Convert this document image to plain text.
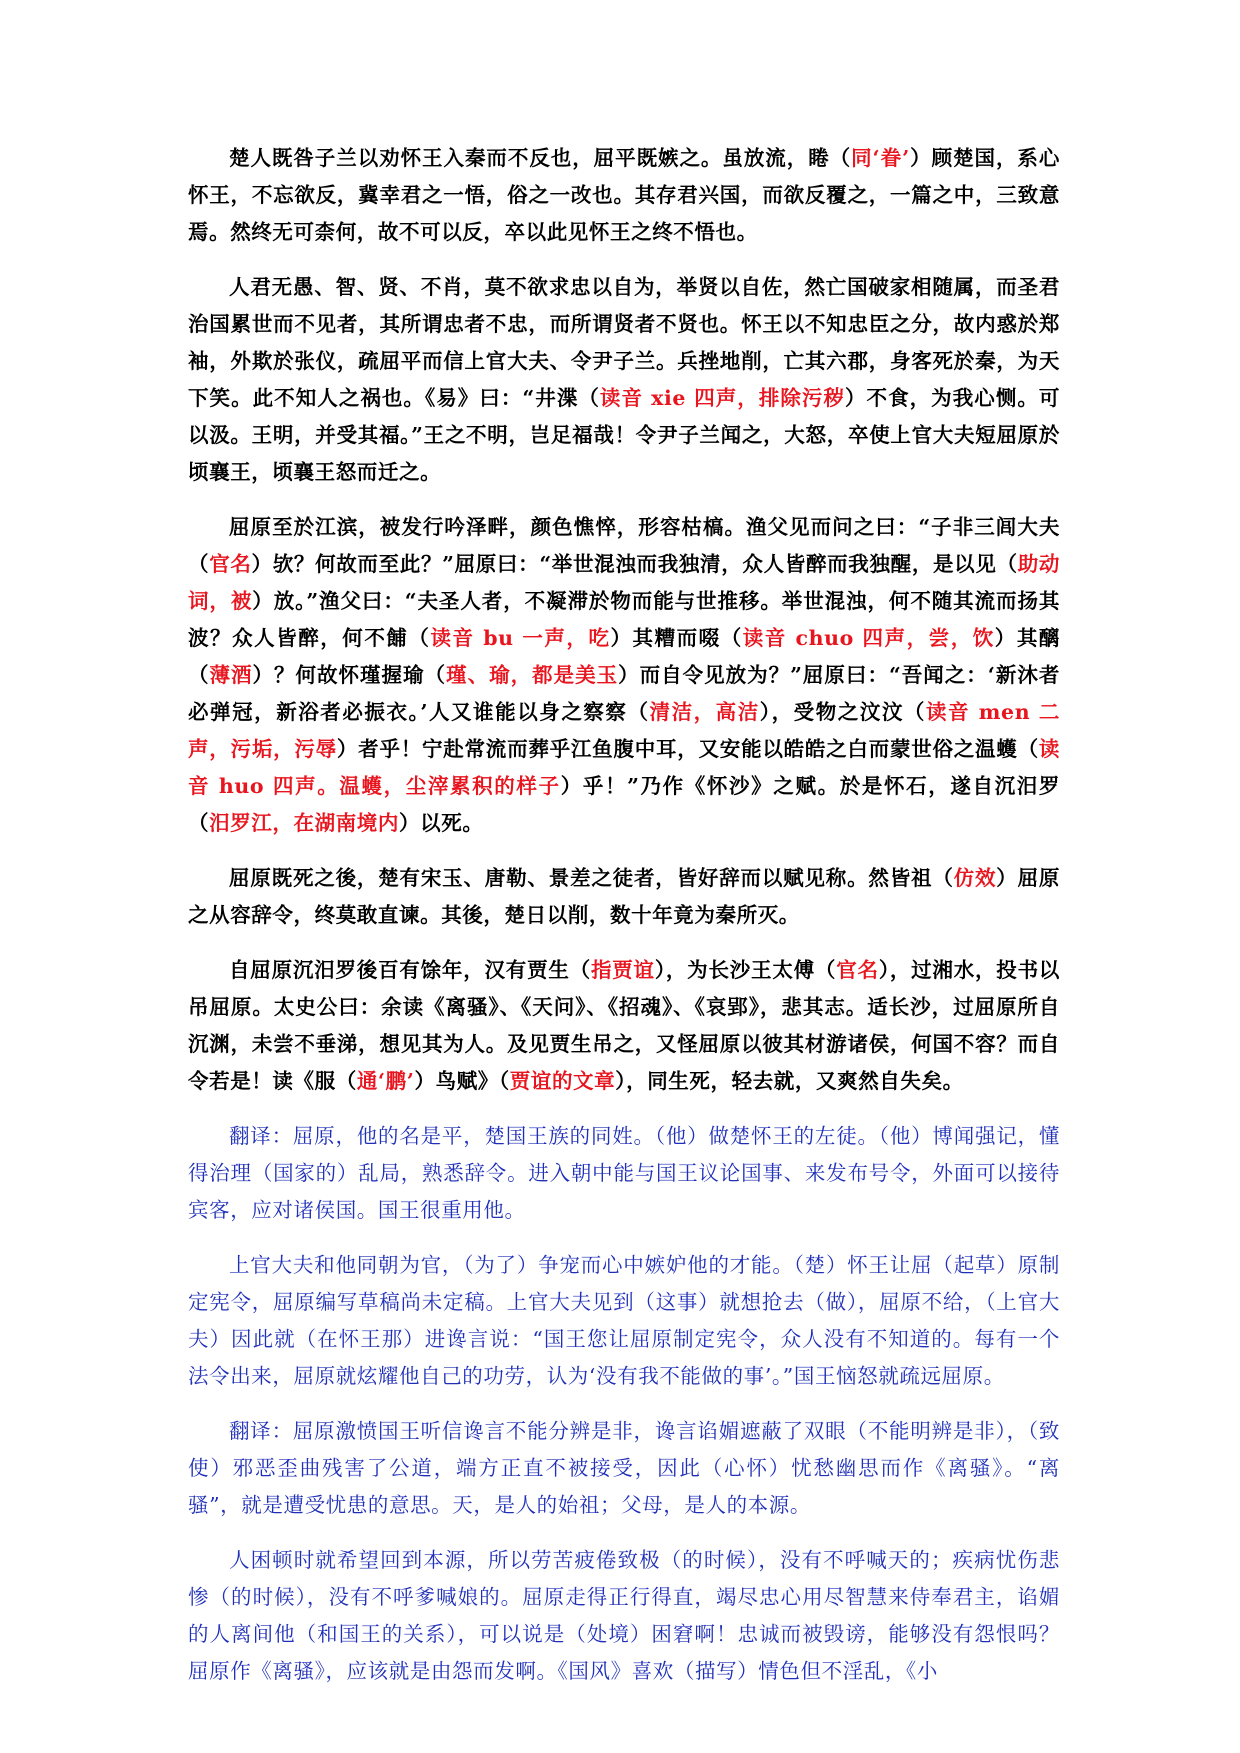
楚人既咎子兰以劝怀王入秦而不反也，屈平既嫉之。虽放流，睠（同‘眷’）顾楚国，系心怀王，不忘欲反，冀幸君之一悟，俗之一改也。其存君兴国，而欲反覆之，一篇之中，三致意焉。然终无可柰何，故不可以反，卒以此见怀王之终不悟也。

人君无愚、智、贤、不肖，莫不欲求忠以自为，举贤以自佐，然亡国破家相随属，而圣君治国累世而不见者，其所谓忠者不忠，而所谓贤者不贤也。怀王以不知忠臣之分，故内惑於郑袖，外欺於张仪，疏屈平而信上官大夫、令尹子兰。兵挫地削，亡其六郡，身客死於秦，为天下笑。此不知人之祸也。《易》曰：“井渫（读音 xie 四声，排除污秽）不食，为我心恻。可以汲。王明，并受其福。”王之不明，岂足福哉！令尹子兰闻之，大怒，卒使上官大夫短屈原於顷襄王，顷襄王怒而迁之。

屈原至於江滨，被发行吟泽畔，颜色憔悴，形容枯槁。渔父见而问之曰：“子非三闾大夫（官名）欤？何故而至此？”屈原曰：“举世混浊而我独清，众人皆醉而我独醒，是以见（助动词，被）放。”渔父曰：“夫圣人者，不凝滞於物而能与世推移。举世混浊，何不随其流而扬其波？众人皆醉，何不餔（读音 bu 一声，吃）其糟而啜（读音 chuo 四声，尝，饮）其醨（薄酒）？何故怀瑾握瑜（瑾、瑜，都是美玉）而自令见放为？”屈原曰：“吾闻之：‘新沐者必弹冠，新浴者必振衣。’人又谁能以身之察察（清洁，高洁），受物之汶汶（读音 men 二声，污垢，污辱）者乎！宁赴常流而葬乎江鱼腹中耳，又安能以皓皓之白而蒙世俗之温蠖（读音 huo 四声。温蠖，尘滓累积的样子）乎！”乃作《怀沙》之赋。於是怀石，遂自沉汨罗（汨罗江，在湖南境内）以死。

屈原既死之後，楚有宋玉、唐勒、景差之徒者，皆好辞而以赋见称。然皆祖（仿效）屈原之从容辞令，终莫敢直谏。其後，楚日以削，数十年竟为秦所灭。

自屈原沉汨罗後百有馀年，汉有贾生（指贾谊），为长沙王太傅（官名），过湘水，投书以吊屈原。太史公曰：余读《离骚》、《天问》、《招魂》、《哀郢》，悲其志。适长沙，过屈原所自沉渊，未尝不垂涕，想见其为人。及见贾生吊之，又怪屈原以彼其材游诸侯，何国不容？而自令若是！读《服（通‘鹏’）鸟赋》（贾谊的文章），同生死，轻去就，又爽然自失矣。

翻译：屈原，他的名是平，楚国王族的同姓。（他）做楚怀王的左徒。（他）博闻强记，懂得治理（国家的）乱局，熟悉辞令。进入朝中能与国王议论国事、来发布号令，外面可以接待宾客，应对诸侯国。国王很重用他。

上官大夫和他同朝为官，（为了）争宠而心中嫉妒他的才能。（楚）怀王让屈（起草）原制定宪令，屈原编写草稿尚未定稿。上官大夫见到（这事）就想抢去（做），屈原不给，（上官大夫）因此就（在怀王那）进谗言说：“国王您让屈原制定宪令，众人没有不知道的。每有一个法令出来，屈原就炫耀他自己的功劳，认为‘没有我不能做的事’。”国王恼怒就疏远屈原。

翻译：屈原激愤国王听信谗言不能分辨是非，谗言谄媚遮蔽了双眼（不能明辨是非），（致使）邪恶歪曲残害了公道，端方正直不被接受，因此（心怀）忧愁幽思而作《离骚》。“离骚”，就是遭受忧患的意思。天，是人的始祖；父母，是人的本源。

人困顿时就希望回到本源，所以劳苦疲倦致极（的时候），没有不呼喊天的；疾病忧伤悲惨（的时候），没有不呼爹喊娘的。屈原走得正行得直，竭尽忠心用尽智慧来侍奉君主，谄媚的人离间他（和国王的关系），可以说是（处境）困窘啊！忠诚而被毁谤，能够没有怨恨吗？屈原作《离骚》，应该就是由怨而发啊。《国风》喜欢（描写）情色但不淫乱，《小
